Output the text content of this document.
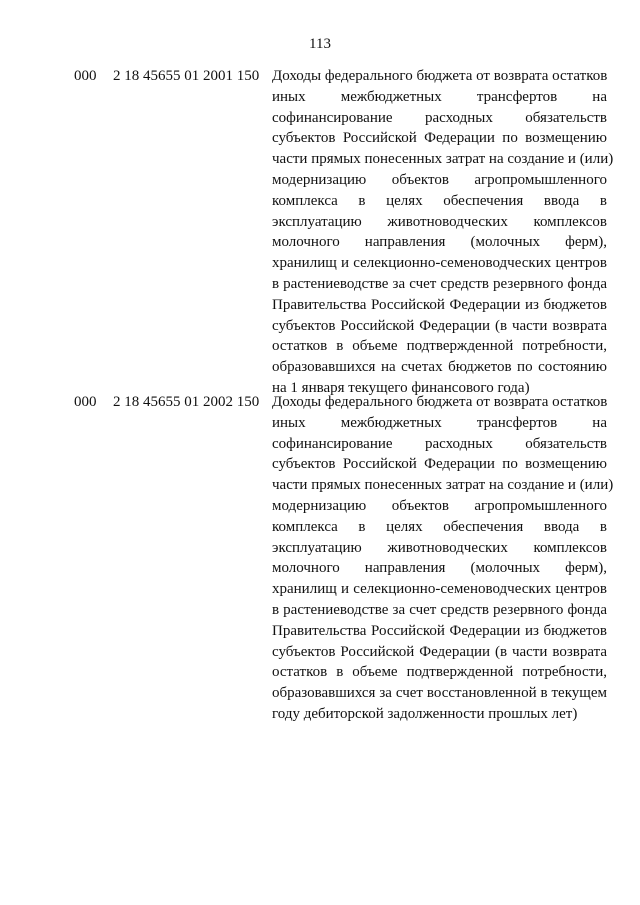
113
000 2 18 45655 01 2001 150 Доходы федерального бюджета от возврата остатков
иных межбюджетных трансфертов на
софинансирование расходных обязательств
субъектов Российской Федерации по возмещению
части прямых понесенных затрат на создание и (или)
модернизацию объектов агропромышленного
комплекса в целях обеспечения ввода в
эксплуатацию животноводческих комплексов
молочного направления (молочных ферм),
хранилищ и селекционно-семеноводческих центров
в растениеводстве за счет средств резервного фонда
Правительства Российской Федерации из бюджетов
субъектов Российской Федерации (в части возврата
остатков в объеме подтвержденной потребности,
образовавшихся на счетах бюджетов по состоянию
на 1 января текущего финансового года)
000 2 18 45655 01 2002 150 Доходы федерального бюджета от возврата остатков
иных межбюджетных трансфертов на
софинансирование расходных обязательств
субъектов Российской Федерации по возмещению
части прямых понесенных затрат на создание и (или)
модернизацию объектов агропромышленного
комплекса в целях обеспечения ввода в
эксплуатацию животноводческих комплексов
молочного направления (молочных ферм),
хранилищ и селекционно-семеноводческих центров
в растениеводстве за счет средств резервного фонда
Правительства Российской Федерации из бюджетов
субъектов Российской Федерации (в части возврата
остатков в объеме подтвержденной потребности,
образовавшихся за счет восстановленной в текущем
году дебиторской задолженности прошлых лет)
